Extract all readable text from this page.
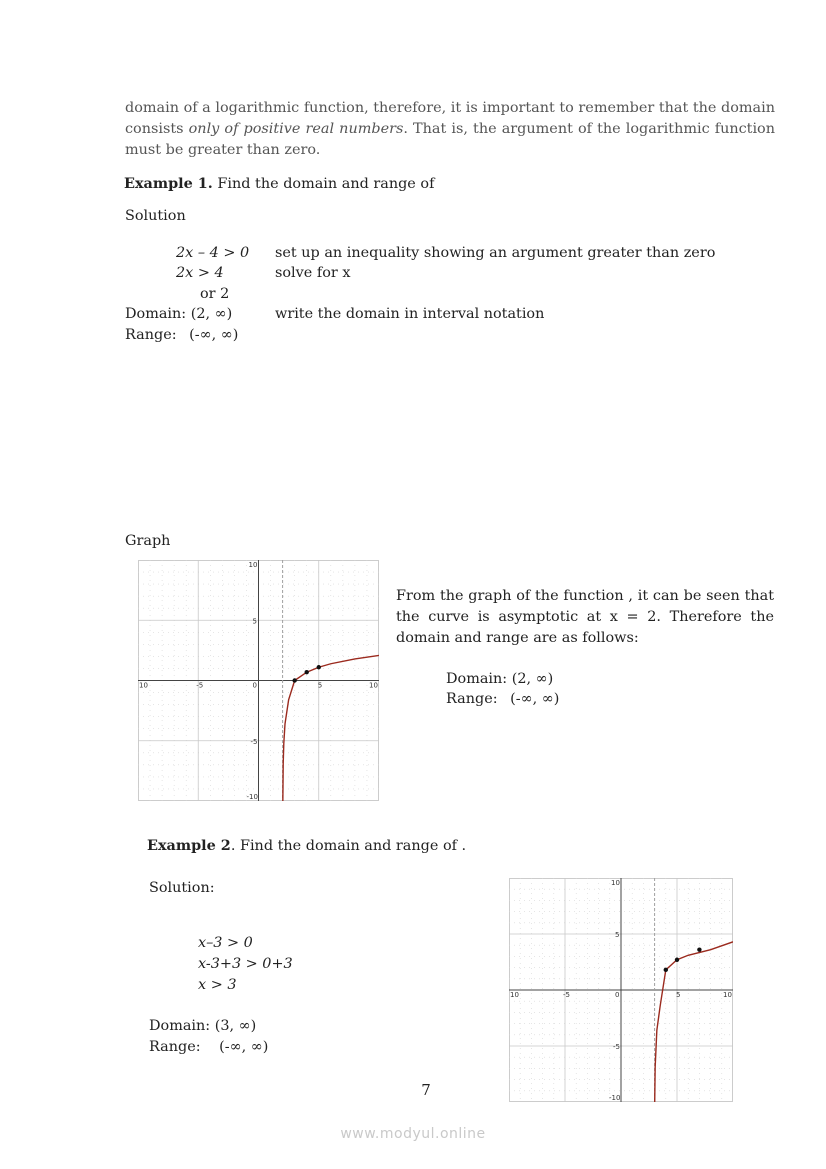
domain of a logarithmic function, therefore, it is important to remember that the domain consists only of positive real numbers. That is, the argument of the logarithmic function must be greater than zero.
Example 1. Find the domain and range of
Solution
2x – 4 > 0 set up an inequality showing an argument greater than zero
2x > 4	solve for x
or 2
Domain: (2, ∞)	write the domain in interval notation
Range: (-∞, ∞)
Graph
10
5
-5
-10
10	-5	0	5	10
From the graph of the function , it can be seen that the curve is asymptotic at x = 2. Therefore the domain and range are as follows:
Domain: (2, ∞)
Range: (-∞, ∞)
Example 2. Find the domain and range of .
Solution:
x–3 > 0
x-3+3 > 0+3
x > 3
Domain: (3, ∞)
Range: (-∞, ∞)
10
5
-5
-10
10	-5	0	5	10
7
www.modyul.online
